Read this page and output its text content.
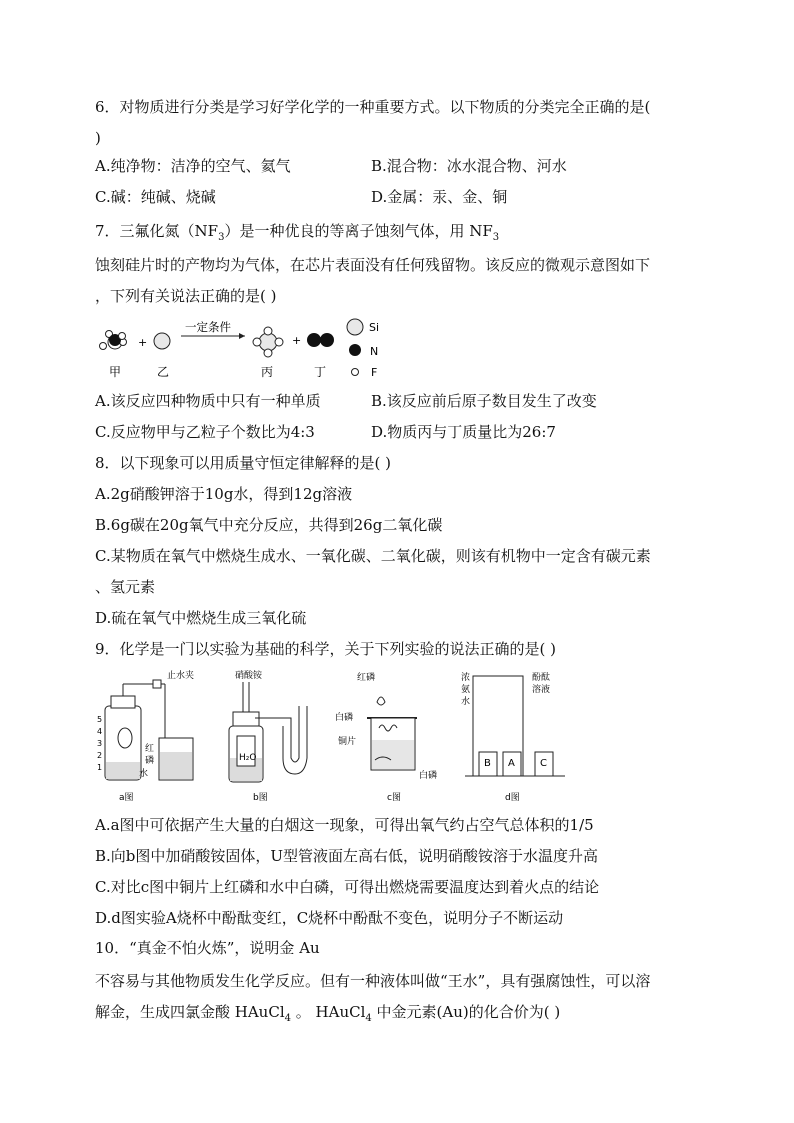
6．对物质进行分类是学习好学化学的一种重要方式。以下物质的分类完全正确的是(
)
A.纯净物：洁净的空气、氦气	B.混合物：冰水混合物、河水
C.碱：纯碱、烧碱	D.金属：汞、金、铜
7．三氟化氮$(NF_3)$是一种优良的等离子蚀刻气体，用 $NF_3$
蚀刻硅片时的产物均为气体，在芯片表面没有任何残留物。该反应的微观示意图如下
，下列有关说法正确的是( )
+
一定条件
+
Si
N
F
甲	乙	丙	丁
A.该反应四种物质中只有一种单质	B.该反应前后原子数目发生了改变
C.反应物甲与乙粒子个数比为4:3	D.物质丙与丁质量比为26:7
8．以下现象可以用质量守恒定律解释的是( )
A.2g硝酸钾溶于10g水，得到12g溶液
B.6g碳在20g氧气中充分反应，共得到26g二氧化碳
C.某物质在氧气中燃烧生成水、一氧化碳、二氧化碳，则该有机物中一定含有碳元素
、氢元素
D.硫在氧气中燃烧生成三氧化硫
9．化学是一门以实验为基础的科学，关于下列实验的说法正确的是( )
止水夹
5
4
3
2
1
红
磷
水
a图
硝酸铵
H₂O
b图
红磷
白磷
铜片
白磷
c图
浓
氨
水
酚酞
溶液
B A	C
d图
A.a图中可依据产生大量的白烟这一现象，可得出氧气约占空气总体积的1/5
B.向b图中加硝酸铵固体，U型管液面左高右低，说明硝酸铵溶于水温度升高
C.对比c图中铜片上红磷和水中白磷，可得出燃烧需要温度达到着火点的结论
D.d图实验A烧杯中酚酞变红，C烧杯中酚酞不变色，说明分子不断运动
10．“真金不怕火炼”，说明金 Au
不容易与其他物质发生化学反应。但有一种液体叫做“王水”，具有强腐蚀性，可以溶
解金，生成四氯金酸 HAuCl$_4$ 。 HAuCl$_4$ 中金元素(Au)的化合价为( )
